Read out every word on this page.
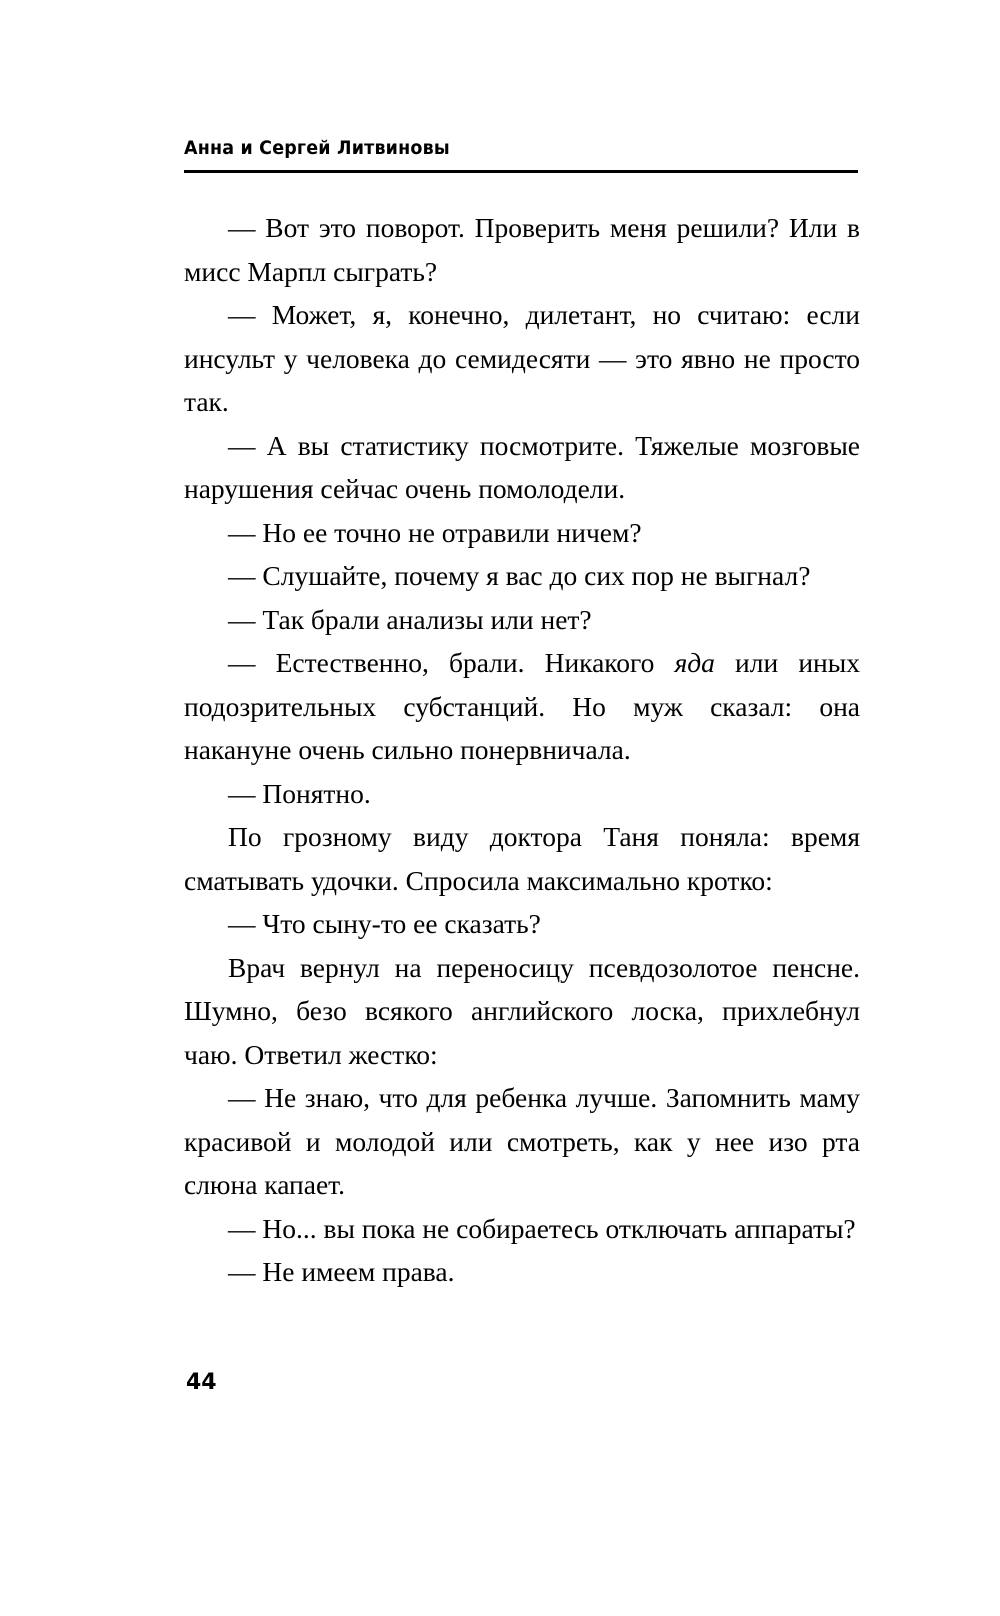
Анна и Сергей Литвиновы

— Вот это поворот. Проверить меня решили? Или в мисс Марпл сыграть?

— Может, я, конечно, дилетант, но считаю: если инсульт у человека до семидесяти — это явно не просто так.

— А вы статистику посмотрите. Тяжелые мозговые нарушения сейчас очень помолодели.

— Но ее точно не отравили ничем?

— Слушайте, почему я вас до сих пор не выгнал?

— Так брали анализы или нет?

— Естественно, брали. Никакого яда или иных подозрительных субстанций. Но муж сказал: она накануне очень сильно понервничала.

— Понятно.

По грозному виду доктора Таня поняла: время сматывать удочки. Спросила максимально кротко:

— Что сыну-то ее сказать?

Врач вернул на переносицу псевдозолотое пенсне. Шумно, безо всякого английского лоска, прихлебнул чаю. Ответил жестко:

— Не знаю, что для ребенка лучше. Запомнить маму красивой и молодой или смотреть, как у нее изо рта слюна капает.

— Но... вы пока не собираетесь отключать аппараты?

— Не имеем права.

44
